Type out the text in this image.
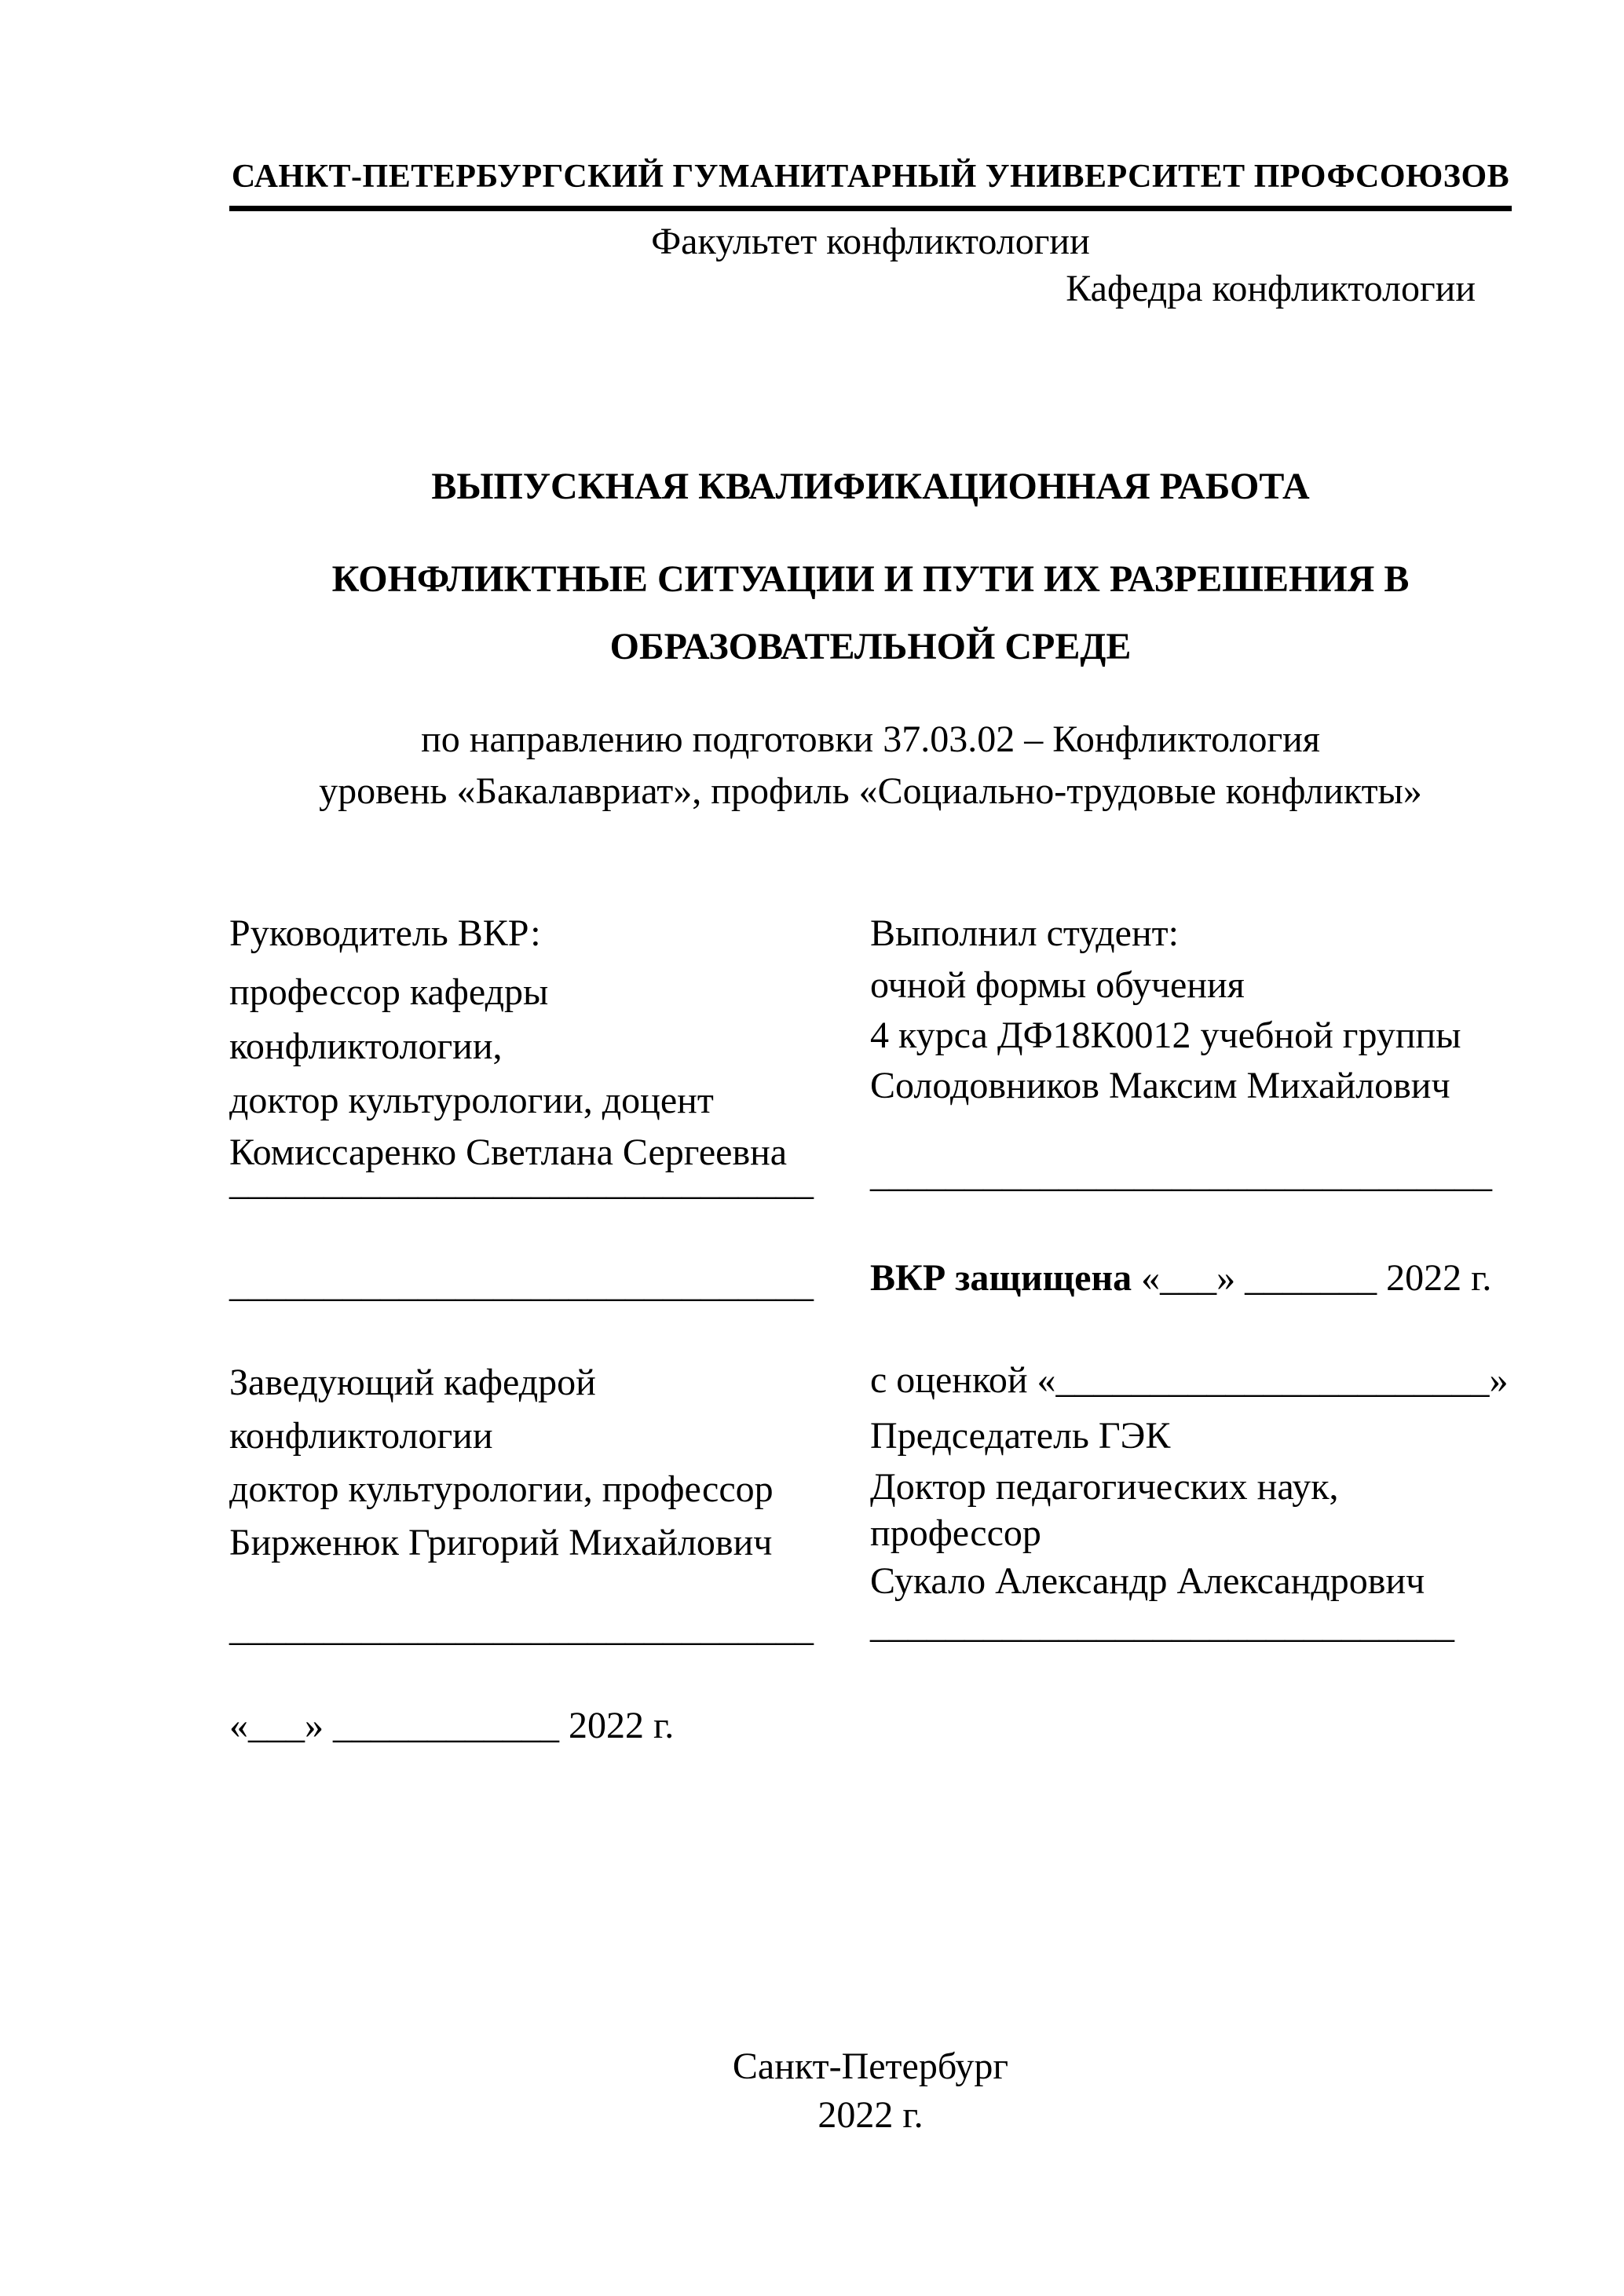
САНКТ-ПЕТЕРБУРГСКИЙ ГУМАНИТАРНЫЙ УНИВЕРСИТЕТ ПРОФСОЮЗОВ
Факультет конфликтологии
Кафедра конфликтологии
ВЫПУСКНАЯ КВАЛИФИКАЦИОННАЯ РАБОТА
КОНФЛИКТНЫЕ СИТУАЦИИ И ПУТИ ИХ РАЗРЕШЕНИЯ В
ОБРАЗОВАТЕЛЬНОЙ СРЕДЕ
по направлению подготовки 37.03.02 – Конфликтология
уровень «Бакалавриат», профиль «Социально-трудовые конфликты»
Руководитель ВКР:
профессор кафедры
конфликтологии,
доктор культурологии, доцент
Комиссаренко Светлана Сергеевна
_______________________________
_______________________________
Выполнил студент:
очной формы обучения
4 курса ДФ18К0012 учебной группы
Солодовников Максим Михайлович
_________________________________
ВКР защищена «___» _______ 2022 г.
с оценкой «_______________________»
Заведующий кафедрой
конфликтологии
доктор культурологии, профессор
Бирженюк Григорий Михайлович
_______________________________
«___» ____________ 2022 г.
Председатель ГЭК
Доктор педагогических наук,
профессор
Сукало Александр Александрович
_______________________________
Санкт-Петербург
2022 г.
